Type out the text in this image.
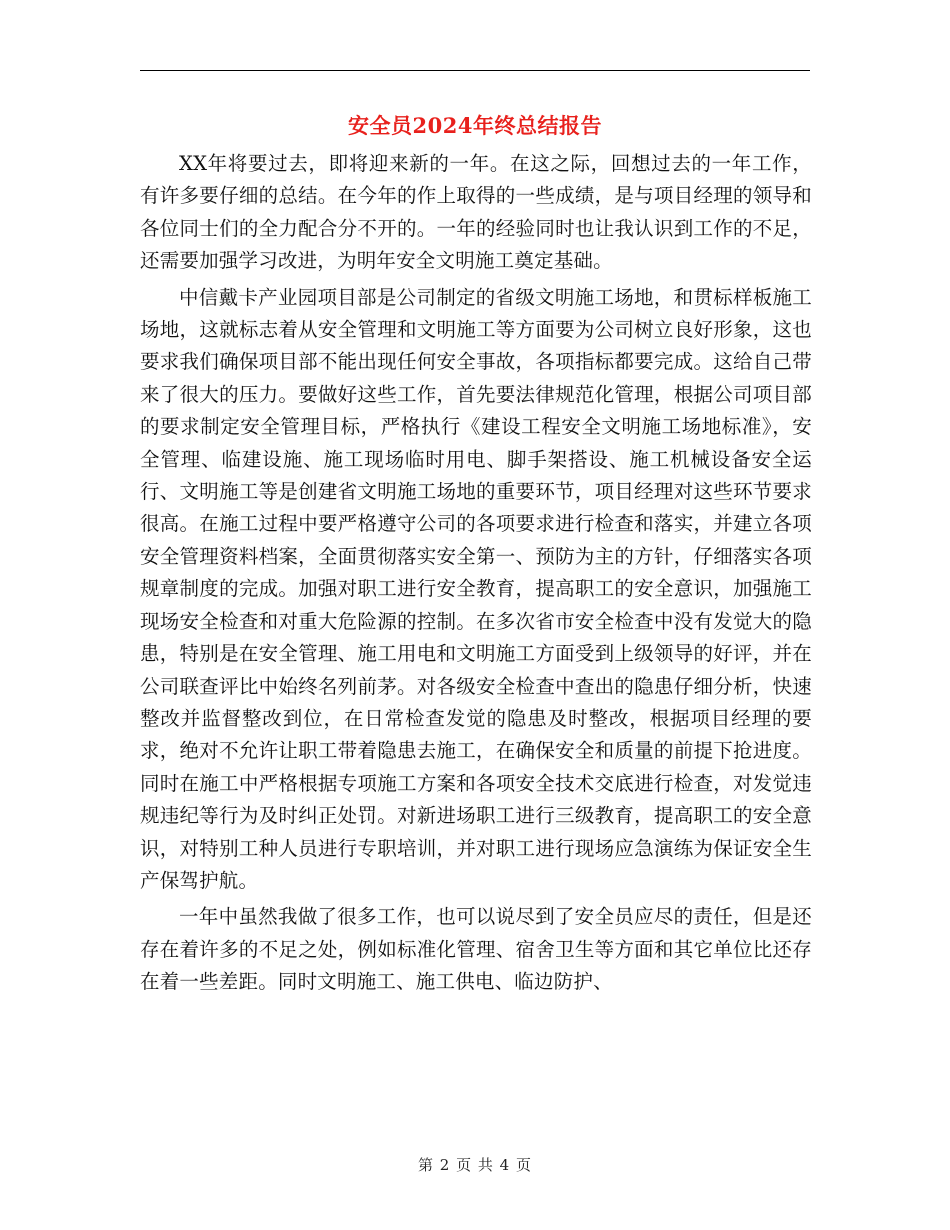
安全员2024年终总结报告

XX年将要过去，即将迎来新的一年。在这之际，回想过去的一年工作，有许多要仔细的总结。在今年的作上取得的一些成绩，是与项目经理的领导和各位同士们的全力配合分不开的。一年的经验同时也让我认识到工作的不足，还需要加强学习改进，为明年安全文明施工奠定基础。

中信戴卡产业园项目部是公司制定的省级文明施工场地，和贯标样板施工场地，这就标志着从安全管理和文明施工等方面要为公司树立良好形象，这也要求我们确保项目部不能出现任何安全事故，各项指标都要完成。这给自己带来了很大的压力。要做好这些工作，首先要法律规范化管理，根据公司项目部的要求制定安全管理目标，严格执行《建设工程安全文明施工场地标准》，安全管理、临建设施、施工现场临时用电、脚手架搭设、施工机械设备安全运行、文明施工等是创建省文明施工场地的重要环节，项目经理对这些环节要求很高。在施工过程中要严格遵守公司的各项要求进行检查和落实，并建立各项安全管理资料档案，全面贯彻落实安全第一、预防为主的方针，仔细落实各项规章制度的完成。加强对职工进行安全教育，提高职工的安全意识，加强施工现场安全检查和对重大危险源的控制。在多次省市安全检查中没有发觉大的隐患，特别是在安全管理、施工用电和文明施工方面受到上级领导的好评，并在公司联查评比中始终名列前茅。对各级安全检查中查出的隐患仔细分析，快速整改并监督整改到位，在日常检查发觉的隐患及时整改，根据项目经理的要求，绝对不允许让职工带着隐患去施工，在确保安全和质量的前提下抢进度。同时在施工中严格根据专项施工方案和各项安全技术交底进行检查，对发觉违规违纪等行为及时纠正处罚。对新进场职工进行三级教育，提高职工的安全意识，对特别工种人员进行专职培训，并对职工进行现场应急演练为保证安全生产保驾护航。

一年中虽然我做了很多工作，也可以说尽到了安全员应尽的责任，但是还存在着许多的不足之处，例如标准化管理、宿舍卫生等方面和其它单位比还存在着一些差距。同时文明施工、施工供电、临边防护、

第 2 页 共 4 页
